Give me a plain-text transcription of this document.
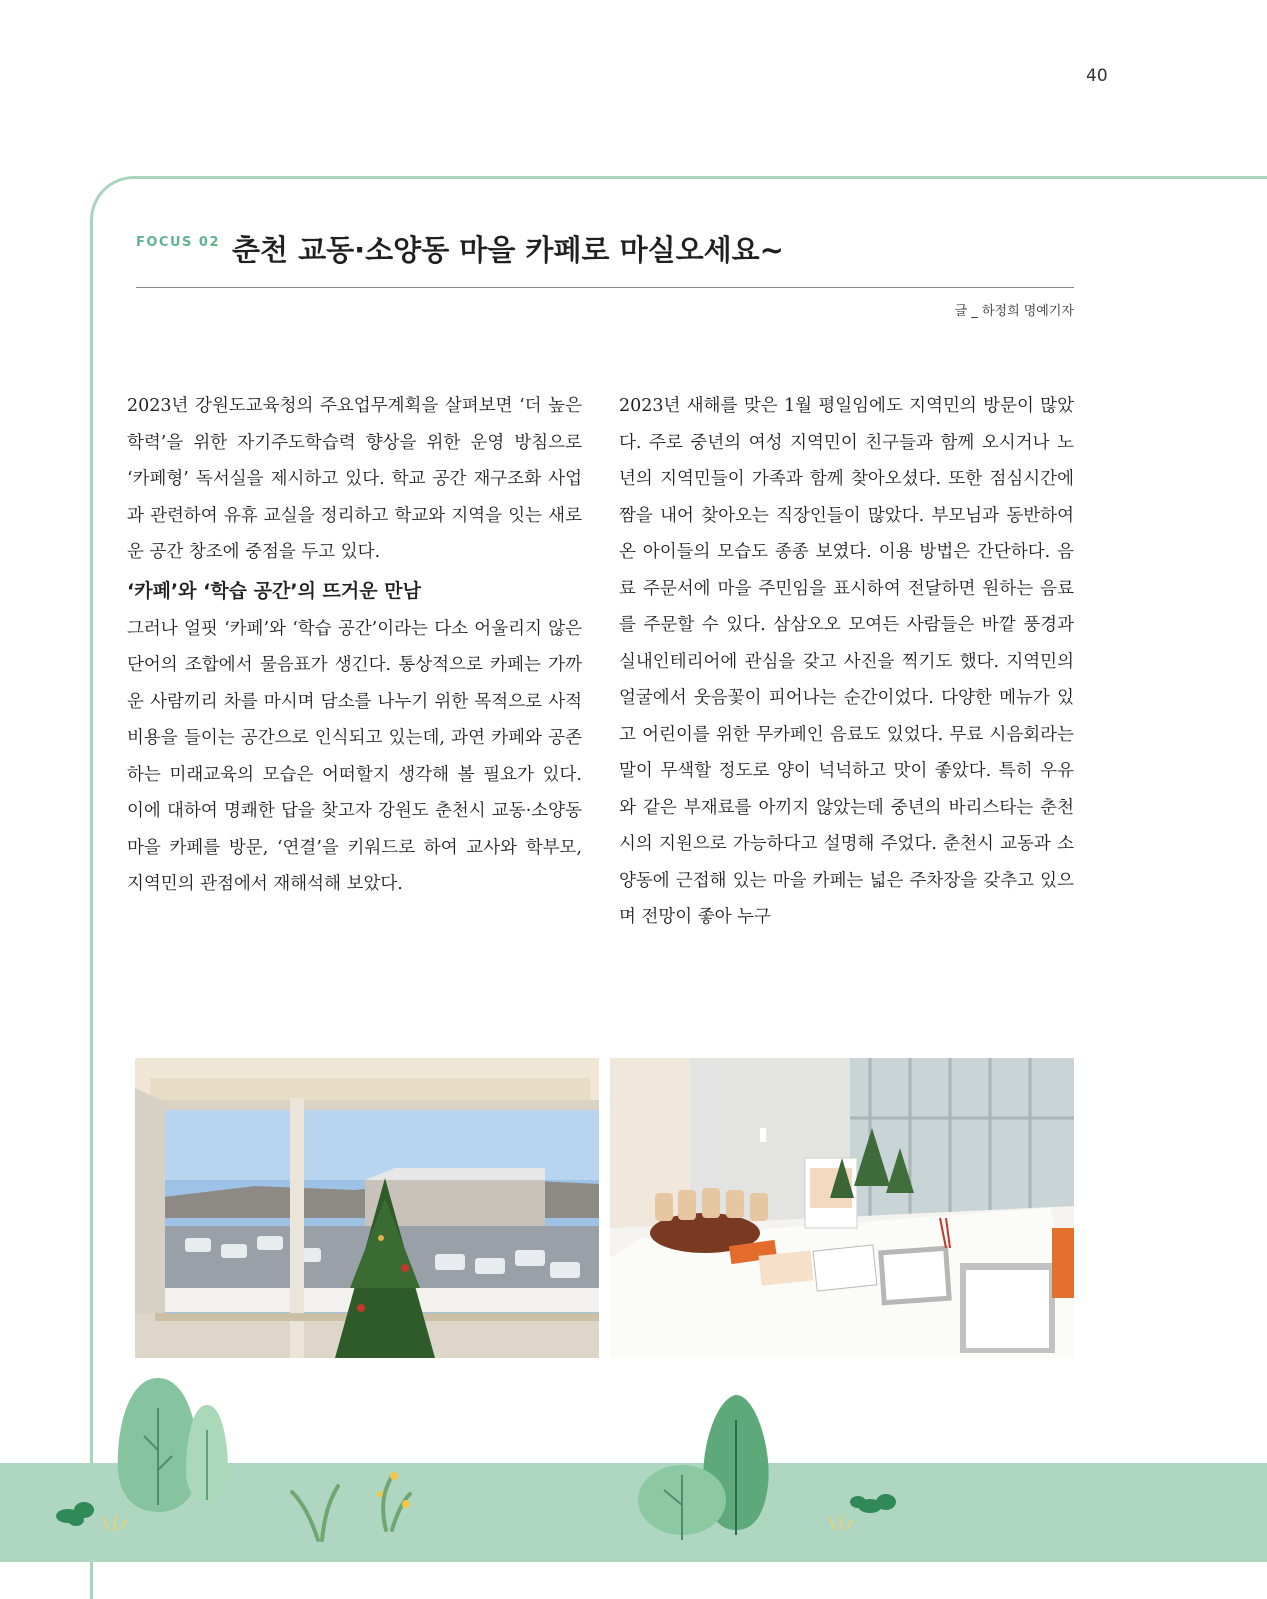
40
FOCUS 02 춘천 교동·소양동 마을 카페로 마실오세요~
글 _ 하정희 명예기자

2023년 강원도교육청의 주요업무계획을 살펴보면 ‘더 높은 학력’을 위한 자기주도학습력 향상을 위한 운영 방침으로 ‘카페형’ 독서실을 제시하고 있다. 학교 공간 재구조화 사업과 관련하여 유휴 교실을 정리하고 학교와 지역을 잇는 새로운 공간 창조에 중점을 두고 있다.

‘카페’와 ‘학습 공간’의 뜨거운 만남

그러나 얼핏 ‘카페’와 ‘학습 공간’이라는 다소 어울리지 않은 단어의 조합에서 물음표가 생긴다. 통상적으로 카페는 가까운 사람끼리 차를 마시며 담소를 나누기 위한 목적으로 사적 비용을 들이는 공간으로 인식되고 있는데, 과연 카페와 공존하는 미래교육의 모습은 어떠할지 생각해 볼 필요가 있다. 이에 대하여 명쾌한 답을 찾고자 강원도 춘천시 교동·소양동 마을 카페를 방문, ‘연결’을 키워드로 하여 교사와 학부모, 지역민의 관점에서 재해석해 보았다.

2023년 새해를 맞은 1월 평일임에도 지역민의 방문이 많았다. 주로 중년의 여성 지역민이 친구들과 함께 오시거나 노년의 지역민들이 가족과 함께 찾아오셨다. 또한 점심시간에 짬을 내어 찾아오는 직장인들이 많았다. 부모님과 동반하여 온 아이들의 모습도 종종 보였다. 이용 방법은 간단하다. 음료 주문서에 마을 주민임을 표시하여 전달하면 원하는 음료를 주문할 수 있다. 삼삼오오 모여든 사람들은 바깥 풍경과 실내인테리어에 관심을 갖고 사진을 찍기도 했다. 지역민의 얼굴에서 웃음꽃이 피어나는 순간이었다. 다양한 메뉴가 있고 어린이를 위한 무카페인 음료도 있었다. 무료 시음회라는 말이 무색할 정도로 양이 넉넉하고 맛이 좋았다. 특히 우유와 같은 부재료를 아끼지 않았는데 중년의 바리스타는 춘천시의 지원으로 가능하다고 설명해 주었다. 춘천시 교동과 소양동에 근접해 있는 마을 카페는 넓은 주차장을 갖추고 있으며 전망이 좋아 누구
